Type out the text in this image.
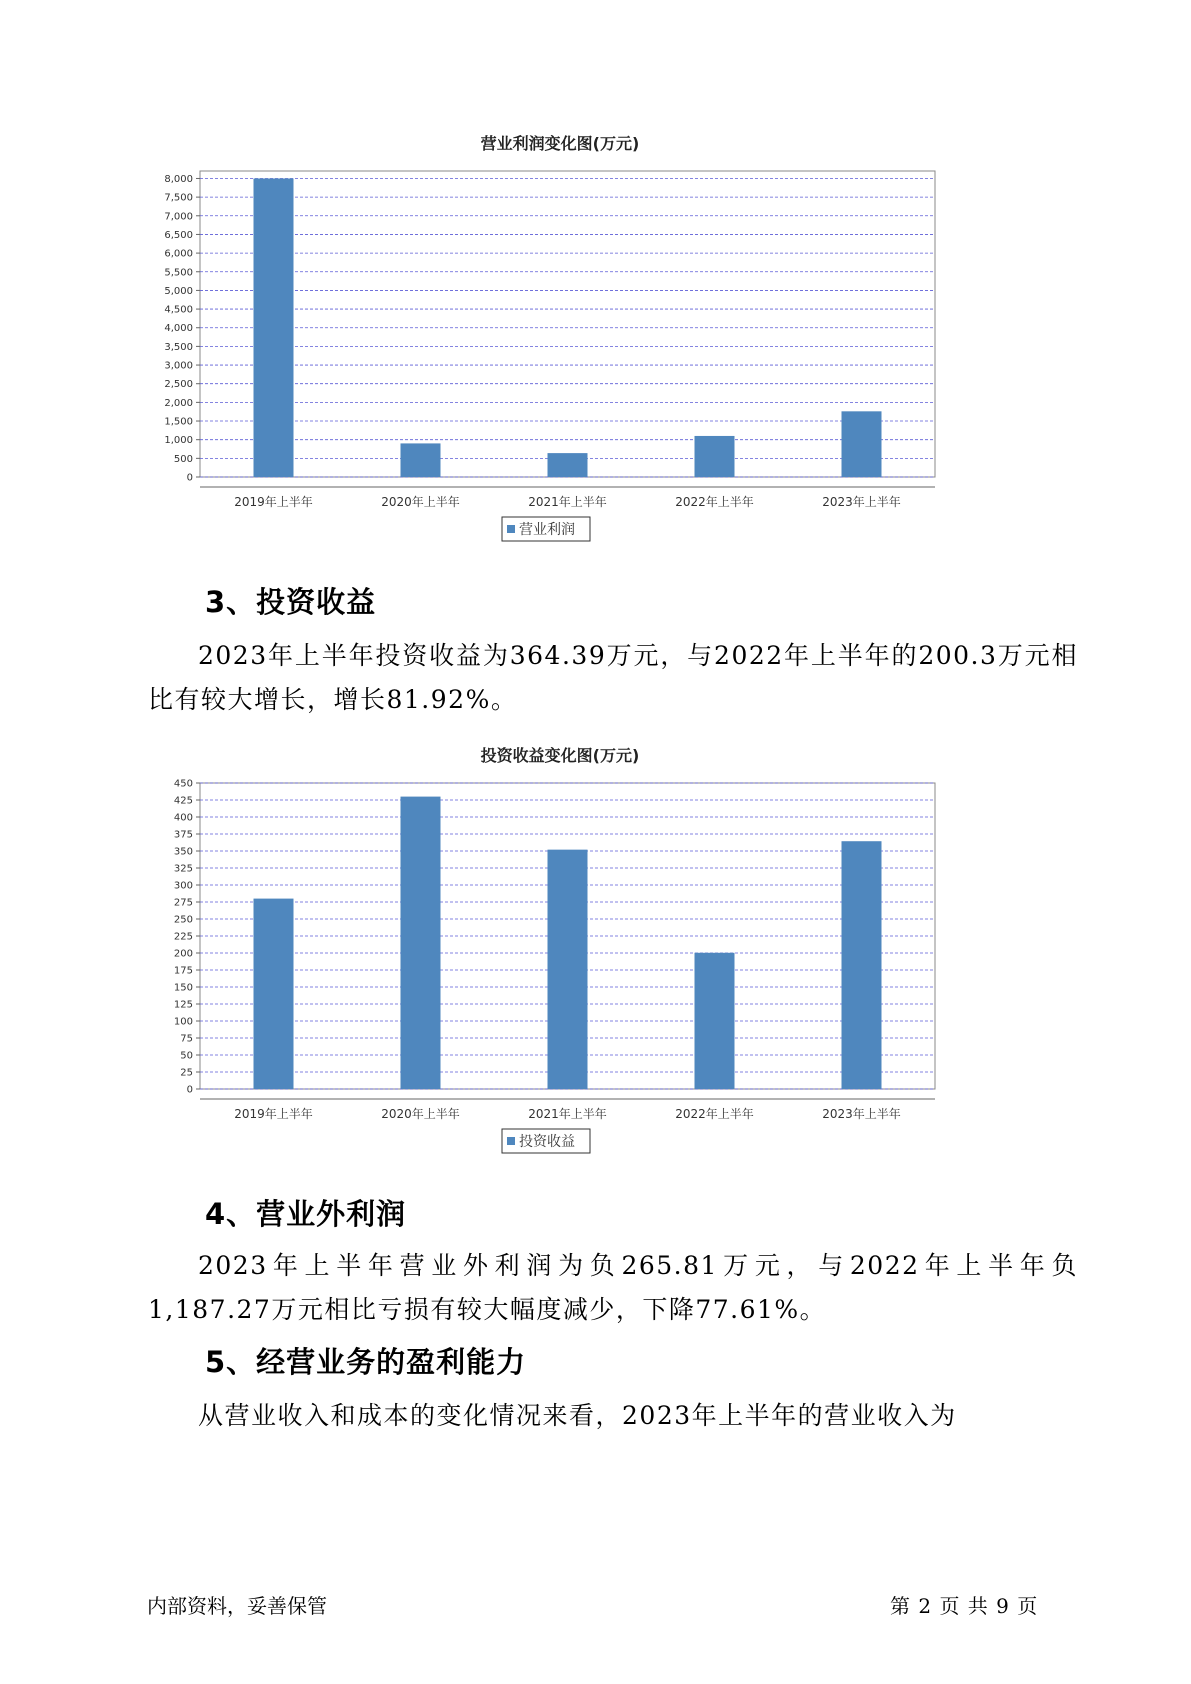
营业利润变化图(万元)
0
500
1,000
1,500
2,000
2,500
3,000
3,500
4,000
4,500
5,000
5,500
6,000
6,500
7,000
7,500
8,000
2019年上半年	2020年上半年	2021年上半年	2022年上半年	2023年上半年
营业利润
3、投资收益

2023年上半年投资收益为364.39万元，与2022年上半年的200.3万元相比有较大增长，增长81.92%。

投资收益变化图(万元)
0
25
50
75
100
125
150
175
200
225
250
275
300
325
350
375
400
425
450
2019年上半年	2020年上半年	2021年上半年	2022年上半年	2023年上半年
投资收益
4、营业外利润

2023年上半年营业外利润为负265.81万元，与2022年上半年负1,187.27万元相比亏损有较大幅度减少，下降77.61%。

5、经营业务的盈利能力

从营业收入和成本的变化情况来看，2023年上半年的营业收入为

内部资料，妥善保管	第 2 页 共 9 页
